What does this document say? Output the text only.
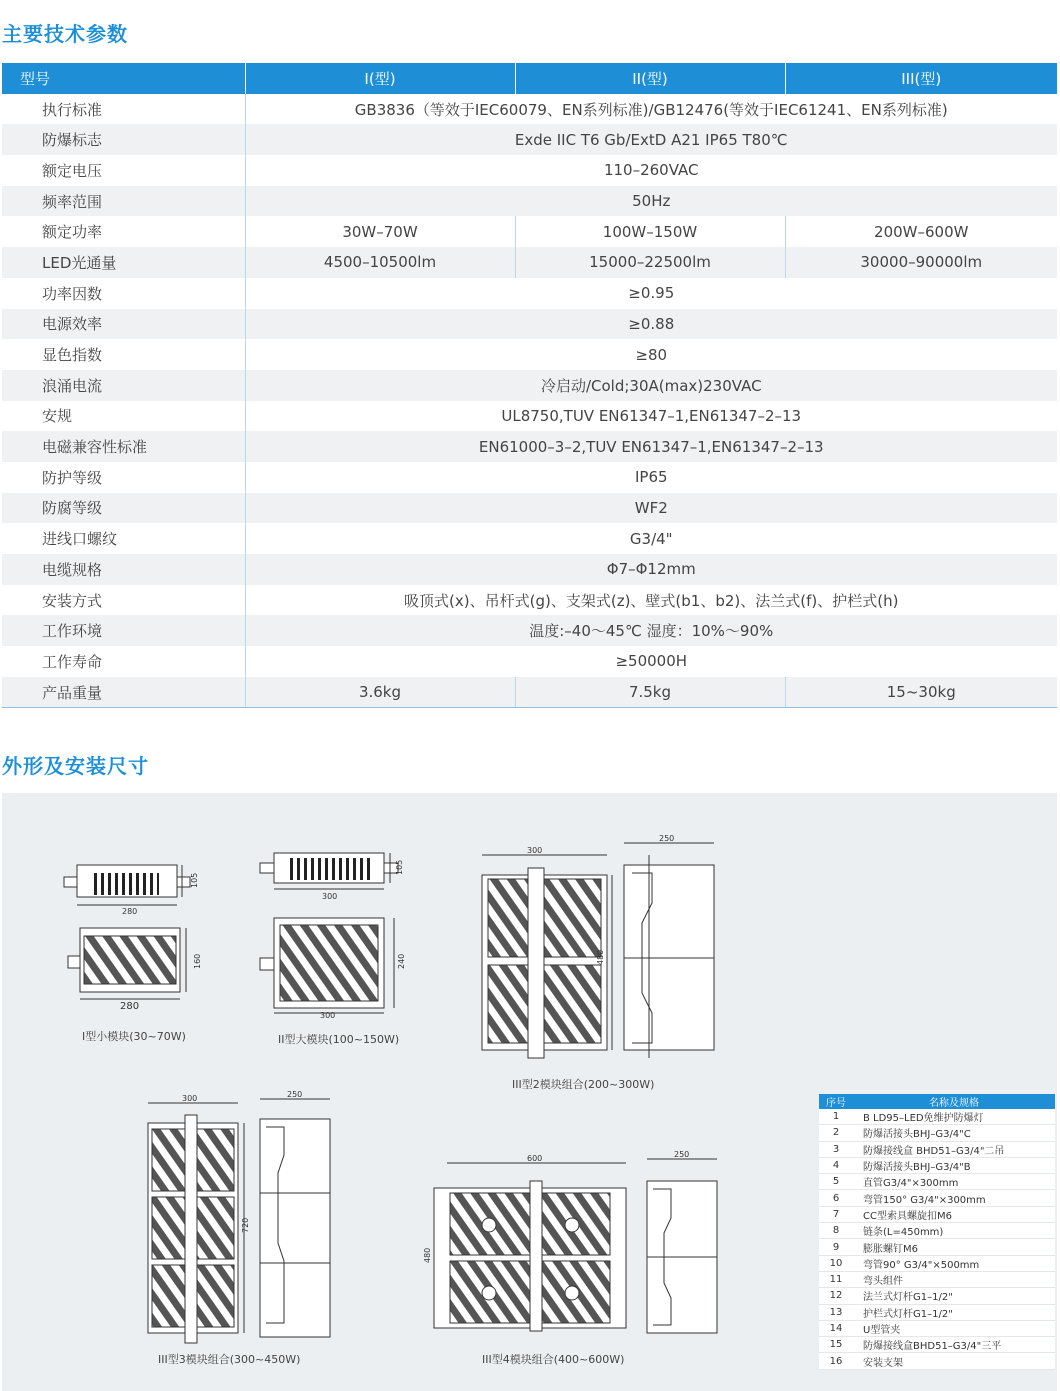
主要技术参数
型号	I(型)	II(型)	III(型)
执行标准	GB3836（等效于IEC60079、EN系列标准)/GB12476(等效于IEC61241、EN系列标准)		
防爆标志	Exde IIC T6 Gb/ExtD A21 IP65 T80℃		
额定电压	110–260VAC		
频率范围	50Hz		
额定功率	30W–70W	100W–150W	200W–600W
LED光通量	4500–10500lm	15000–22500lm	30000–90000lm
功率因数	≥0.95		
电源效率	≥0.88		
显色指数	≥80		
浪涌电流	冷启动/Cold;30A(max)230VAC		
安规	UL8750,TUV EN61347–1,EN61347–2–13		
电磁兼容性标准	EN61000–3–2,TUV EN61347–1,EN61347–2–13		
防护等级	IP65		
防腐等级	WF2		
进线口螺纹	G3/4"		
电缆规格	Φ7–Φ12mm		
安装方式	吸顶式(x)、吊杆式(g)、支架式(z)、壁式(b1、b2)、法兰式(f)、护栏式(h)		
工作环境	温度:–40～45℃ 湿度：10%～90%		
工作寿命	≥50000H		
产品重量	3.6kg	7.5kg	15~30kg
外形及安装尺寸
280
105
280
160
300
105
300
240
300
250
480
300	250
720
600	250
480
I型小模块(30~70W)	II型大模块(100~150W)
III型2模块组合(200~300W)
III型3模块组合(300~450W)	III型4模块组合(400~600W)
序号	名称及规格
1	B LD95–LED免维护防爆灯
2	防爆活接头BHJ–G3/4"C
3	防爆接线盒 BHD51–G3/4"二吊
4	防爆活接头BHJ–G3/4"B
5	直管G3/4"×300mm
6	弯管150° G3/4"×300mm
7	CC型索具螺旋扣M6
8	链条(L=450mm)
9	膨胀螺钉M6
10	弯管90° G3/4"×500mm
11	弯头组件
12	法兰式灯杆G1–1/2"
13	护栏式灯杆G1–1/2"
14	U型管夹
15	防爆接线盒BHD51–G3/4"三平
16	安装支架
